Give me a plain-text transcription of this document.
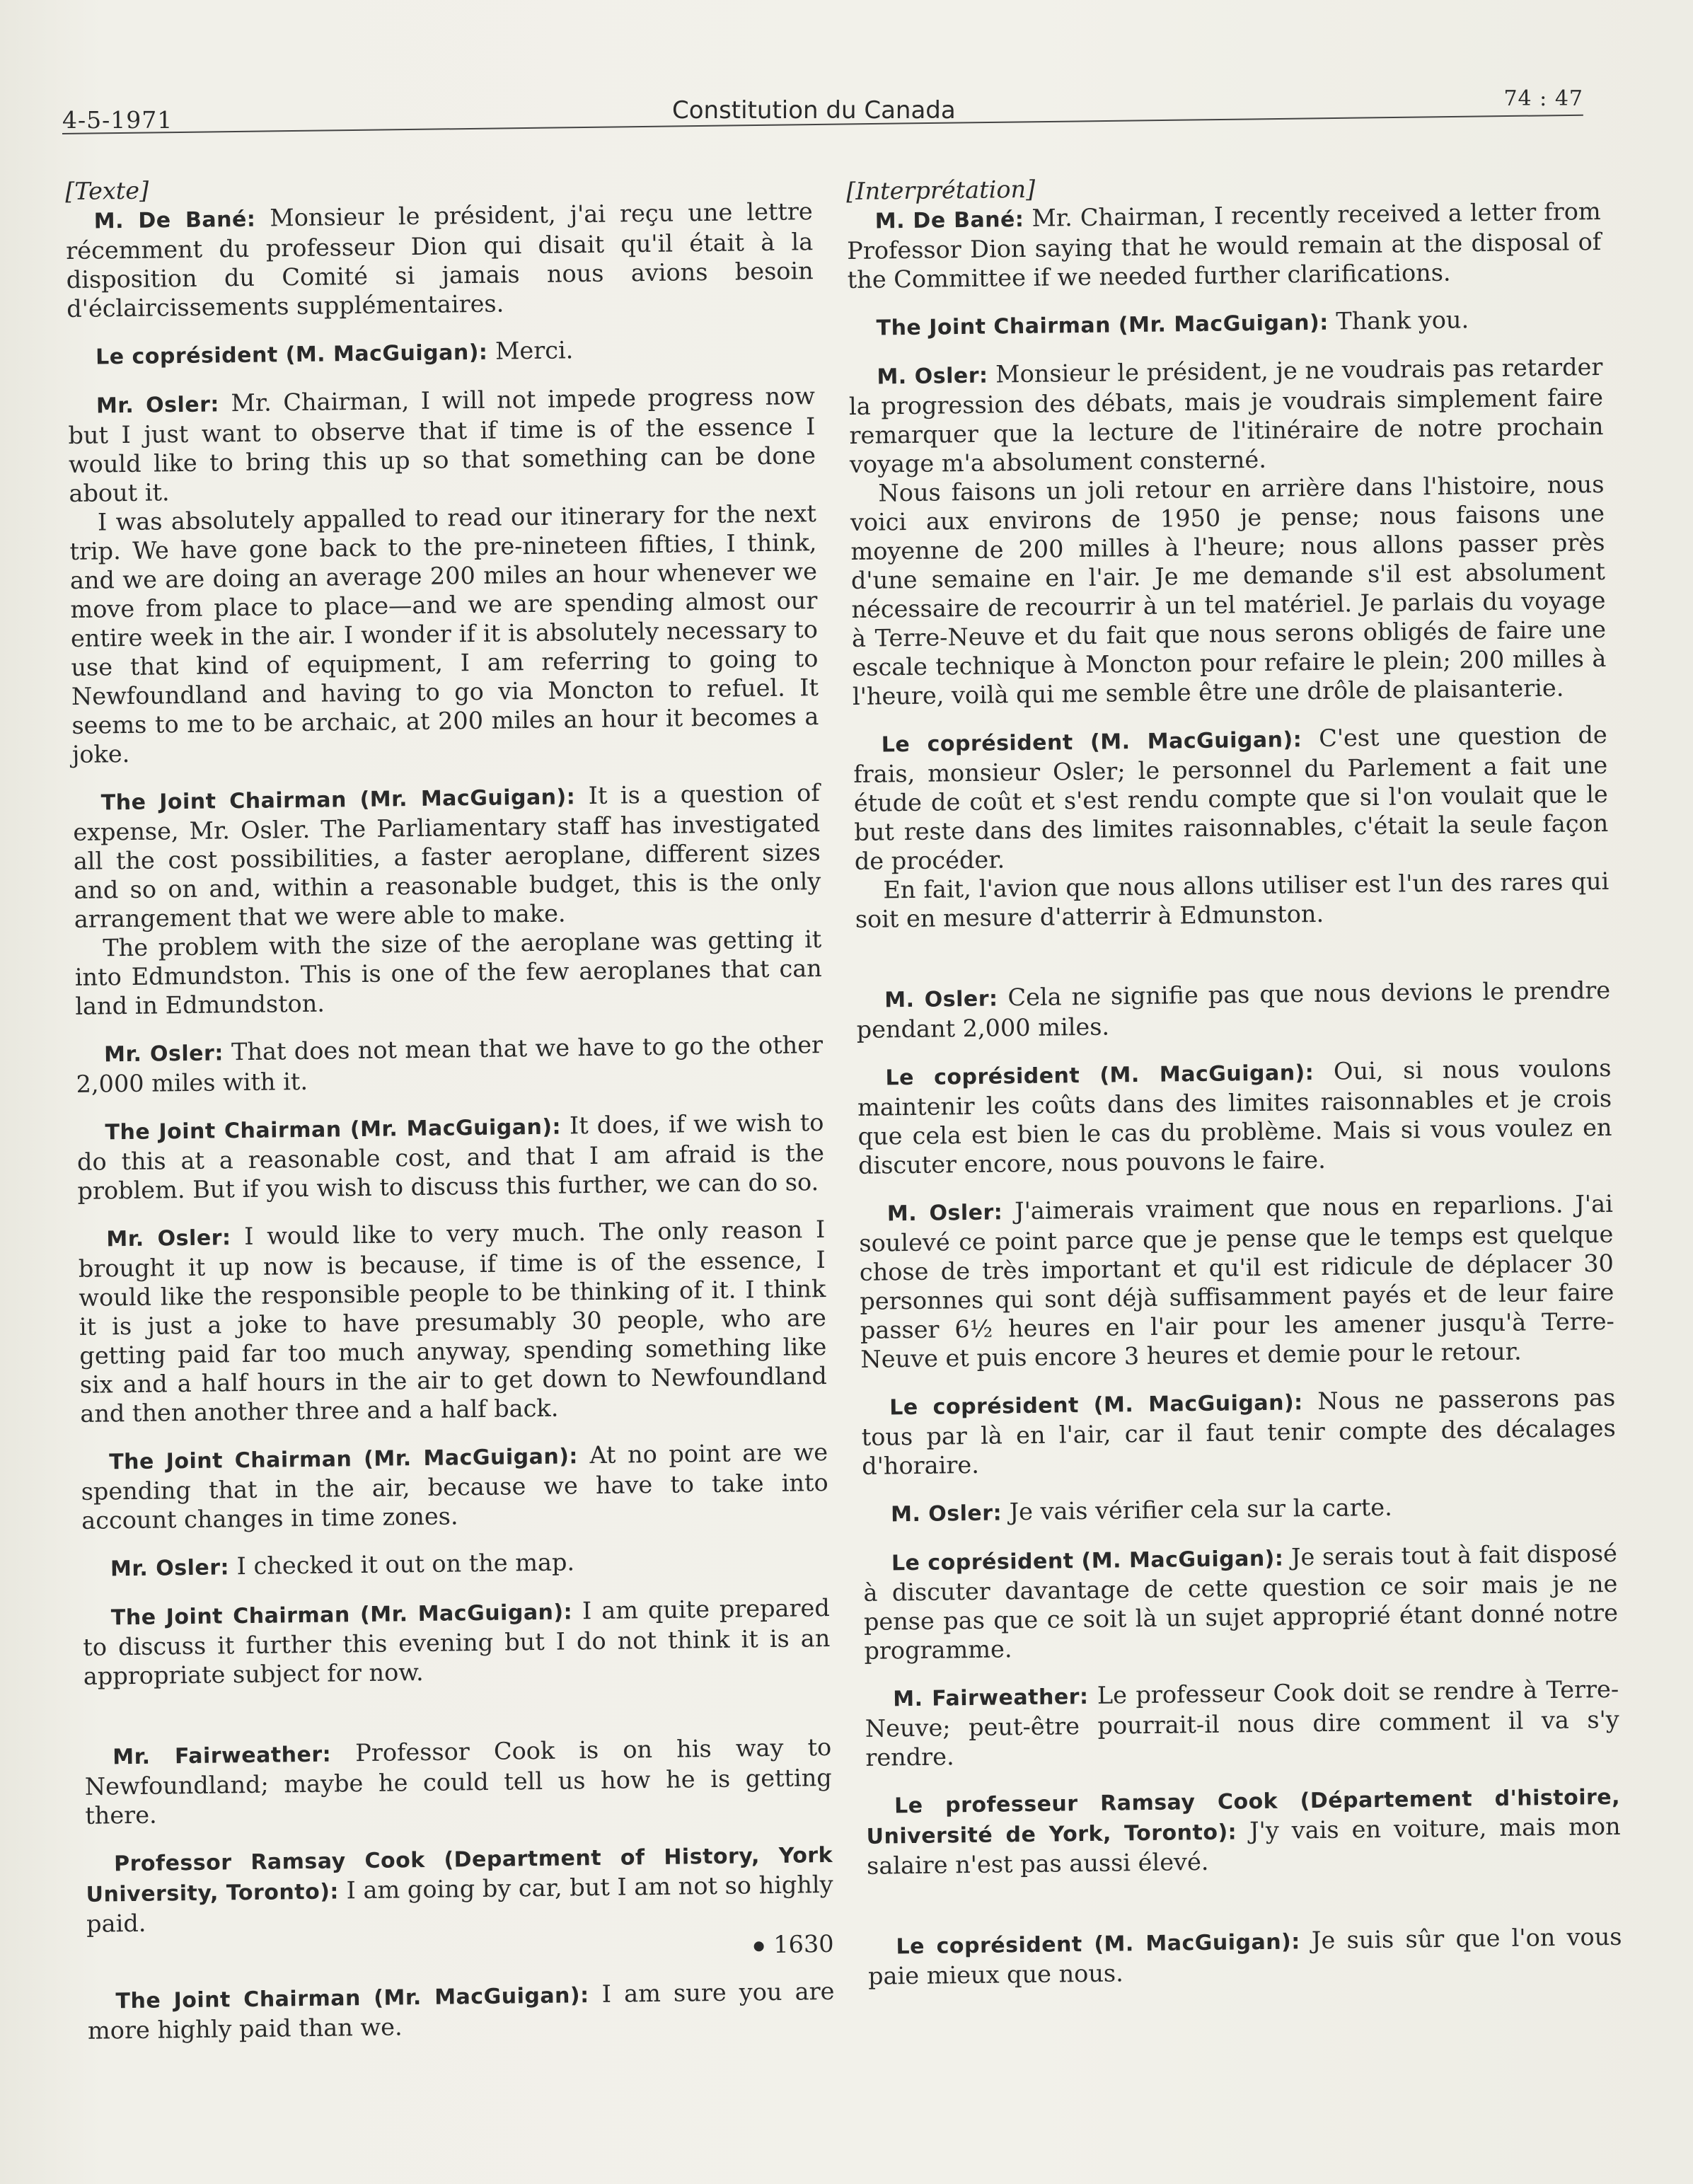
4-5-1971	Constitution du Canada	74 : 47

[Texte]

M. De Bané: Monsieur le président, j'ai reçu une lettre récemment du professeur Dion qui disait qu'il était à la disposition du Comité si jamais nous avions besoin d'éclaircissements supplémentaires.

Le coprésident (M. MacGuigan): Merci.

Mr. Osler: Mr. Chairman, I will not impede progress now but I just want to observe that if time is of the essence I would like to bring this up so that something can be done about it.

I was absolutely appalled to read our itinerary for the next trip. We have gone back to the pre-nineteen fifties, I think, and we are doing an average 200 miles an hour whenever we move from place to place—and we are spending almost our entire week in the air. I wonder if it is absolutely necessary to use that kind of equipment, I am referring to going to Newfoundland and having to go via Moncton to refuel. It seems to me to be archaic, at 200 miles an hour it becomes a joke.

The Joint Chairman (Mr. MacGuigan): It is a question of expense, Mr. Osler. The Parliamentary staff has investigated all the cost possibilities, a faster aeroplane, different sizes and so on and, within a reasonable budget, this is the only arrangement that we were able to make.

The problem with the size of the aeroplane was getting it into Edmundston. This is one of the few aeroplanes that can land in Edmundston.

Mr. Osler: That does not mean that we have to go the other 2,000 miles with it.

The Joint Chairman (Mr. MacGuigan): It does, if we wish to do this at a reasonable cost, and that I am afraid is the problem. But if you wish to discuss this further, we can do so.

Mr. Osler: I would like to very much. The only reason I brought it up now is because, if time is of the essence, I would like the responsible people to be thinking of it. I think it is just a joke to have presumably 30 people, who are getting paid far too much anyway, spending something like six and a half hours in the air to get down to Newfoundland and then another three and a half back.

The Joint Chairman (Mr. MacGuigan): At no point are we spending that in the air, because we have to take into account changes in time zones.

Mr. Osler: I checked it out on the map.

The Joint Chairman (Mr. MacGuigan): I am quite prepared to discuss it further this evening but I do not think it is an appropriate subject for now.

Mr. Fairweather: Professor Cook is on his way to Newfoundland; maybe he could tell us how he is getting there.

Professor Ramsay Cook (Department of History, York University, Toronto): I am going by car, but I am not so highly paid.

1630

The Joint Chairman (Mr. MacGuigan): I am sure you are more highly paid than we.

[Interprétation]

M. De Bané: Mr. Chairman, I recently received a letter from Professor Dion saying that he would remain at the disposal of the Committee if we needed further clarifications.

The Joint Chairman (Mr. MacGuigan): Thank you.

M. Osler: Monsieur le président, je ne voudrais pas retarder la progression des débats, mais je voudrais simplement faire remarquer que la lecture de l'itinéraire de notre prochain voyage m'a absolument consterné.

Nous faisons un joli retour en arrière dans l'histoire, nous voici aux environs de 1950 je pense; nous faisons une moyenne de 200 milles à l'heure; nous allons passer près d'une semaine en l'air. Je me demande s'il est absolument nécessaire de recourrir à un tel matériel. Je parlais du voyage à Terre-Neuve et du fait que nous serons obligés de faire une escale technique à Moncton pour refaire le plein; 200 milles à l'heure, voilà qui me semble être une drôle de plaisanterie.

Le coprésident (M. MacGuigan): C'est une question de frais, monsieur Osler; le personnel du Parlement a fait une étude de coût et s'est rendu compte que si l'on voulait que le but reste dans des limites raisonnables, c'était la seule façon de procéder.

En fait, l'avion que nous allons utiliser est l'un des rares qui soit en mesure d'atterrir à Edmunston.

M. Osler: Cela ne signifie pas que nous devions le prendre pendant 2,000 miles.

Le coprésident (M. MacGuigan): Oui, si nous voulons maintenir les coûts dans des limites raisonnables et je crois que cela est bien le cas du problème. Mais si vous voulez en discuter encore, nous pouvons le faire.

M. Osler: J'aimerais vraiment que nous en reparlions. J'ai soulevé ce point parce que je pense que le temps est quelque chose de très important et qu'il est ridicule de déplacer 30 personnes qui sont déjà suffisamment payés et de leur faire passer 6½ heures en l'air pour les amener jusqu'à Terre-Neuve et puis encore 3 heures et demie pour le retour.

Le coprésident (M. MacGuigan): Nous ne passerons pas tous par là en l'air, car il faut tenir compte des décalages d'horaire.

M. Osler: Je vais vérifier cela sur la carte.

Le coprésident (M. MacGuigan): Je serais tout à fait disposé à discuter davantage de cette question ce soir mais je ne pense pas que ce soit là un sujet approprié étant donné notre programme.

M. Fairweather: Le professeur Cook doit se rendre à Terre-Neuve; peut-être pourrait-il nous dire comment il va s'y rendre.

Le professeur Ramsay Cook (Département d'histoire, Université de York, Toronto): J'y vais en voiture, mais mon salaire n'est pas aussi élevé.

Le coprésident (M. MacGuigan): Je suis sûr que l'on vous paie mieux que nous.
